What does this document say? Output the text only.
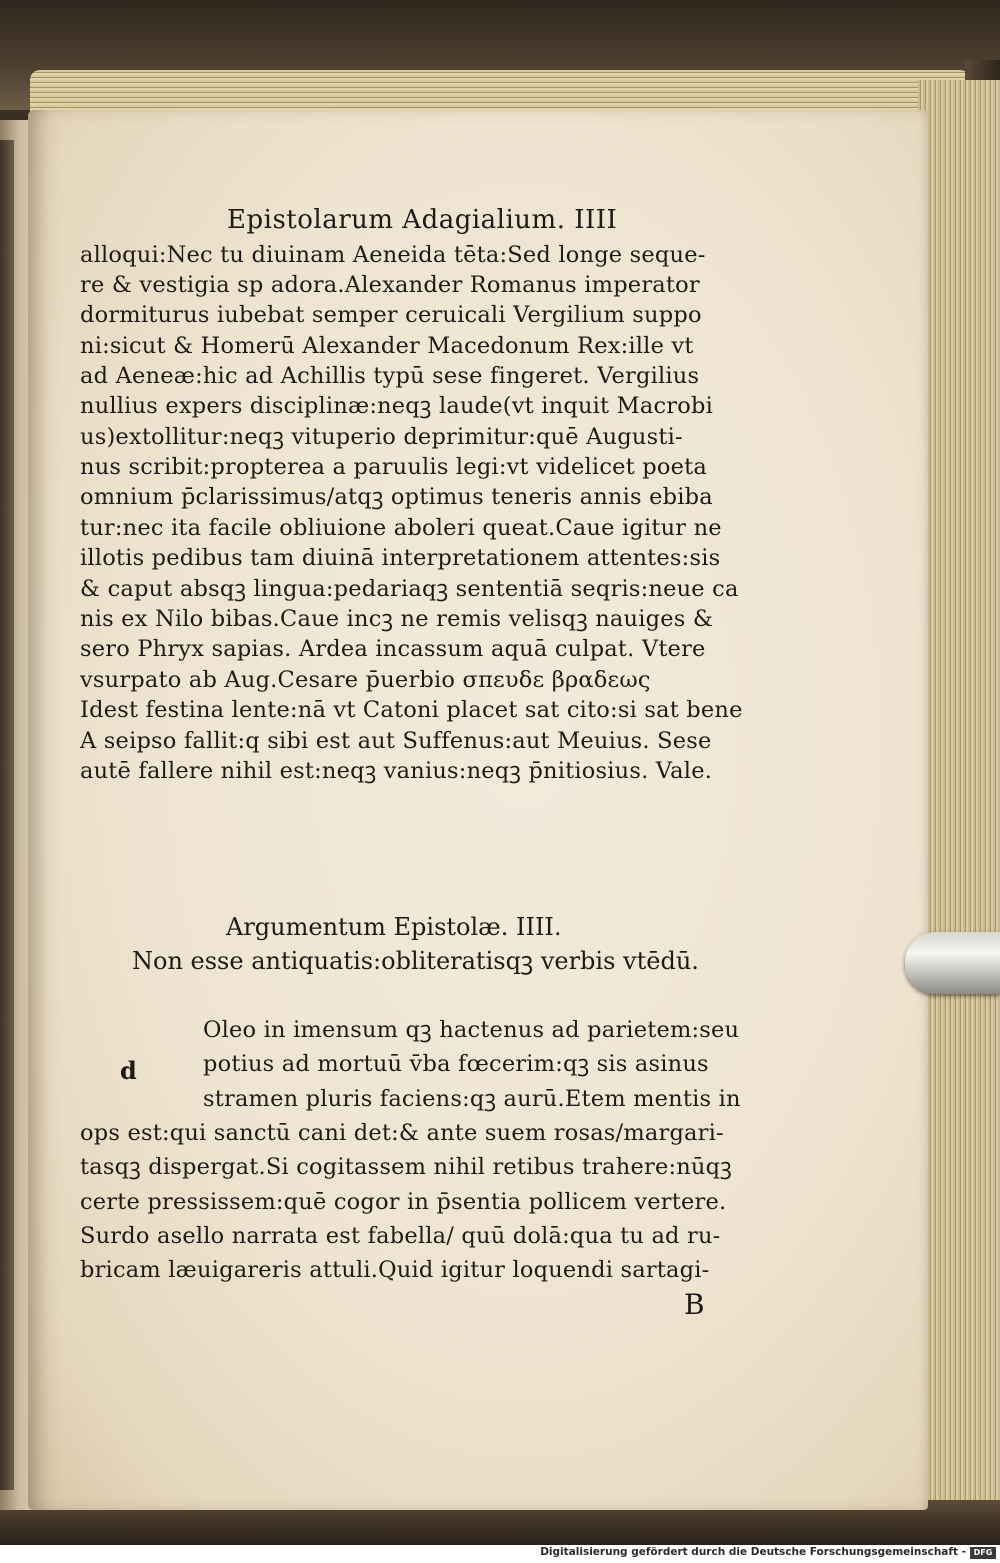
Epistolarum Adagialium. IIII
alloqui:Nec tu diuinam Aeneida tēta:Sed longe seque-
re & vestigia sp adora.Alexander Romanus imperator
dormiturus iubebat semper ceruicali Vergilium suppo
ni:sicut & Homerū Alexander Macedonum Rex:ille vt
ad Aeneæ:hic ad Achillis typū sese fingeret. Vergilius
nullius expers disciplinæ:neqꝫ laude(vt inquit Macrobi
us)extollitur:neqꝫ vituperio deprimitur:quē Augusti-
nus scribit:propterea a paruulis legi:vt videlicet poeta
omnium p̄clarissimus/atqꝫ optimus teneris annis ebiba
tur:nec ita facile obliuione aboleri queat.Caue igitur ne
illotis pedibus tam diuinā interpretationem attentes:sis
& caput absqꝫ lingua:pedariaqꝫ sententiā seqris:neue ca
nis ex Nilo bibas.Caue incꝫ ne remis velisqꝫ nauiges &
sero Phryx sapias. Ardea incassum aquā culpat. Vtere
vsurpato ab Aug.Cesare p̄uerbio σπευδε βραδεως
Idest festina lente:nā vt Catoni placet sat cito:si sat bene
A seipso fallit:q sibi est aut Suffenus:aut Meuius. Sese
autē fallere nihil est:neqꝫ vanius:neqꝫ p̄nitiosius. Vale.
Argumentum Epistolæ. IIII.
Non esse antiquatis:obliteratisqꝫ verbis vtēdū.
d
Oleo in imensum qꝫ hactenus ad parietem:seu
potius ad mortuū v̄ba fœcerim:qꝫ sis asinus
stramen pluris faciens:qꝫ aurū.Etem mentis in
ops est:qui sanctū cani det:& ante suem rosas/margari-
tasqꝫ dispergat.Si cogitassem nihil retibus trahere:nūqꝫ
certe pressissem:quē cogor in p̄sentia pollicem vertere.
Surdo asello narrata est fabella/ quū dolā:qua tu ad ru-
bricam læuigareris attuli.Quid igitur loquendi sartagi-
B
Digitalisierung gefördert durch die Deutsche Forschungsgemeinschaft - DFG
